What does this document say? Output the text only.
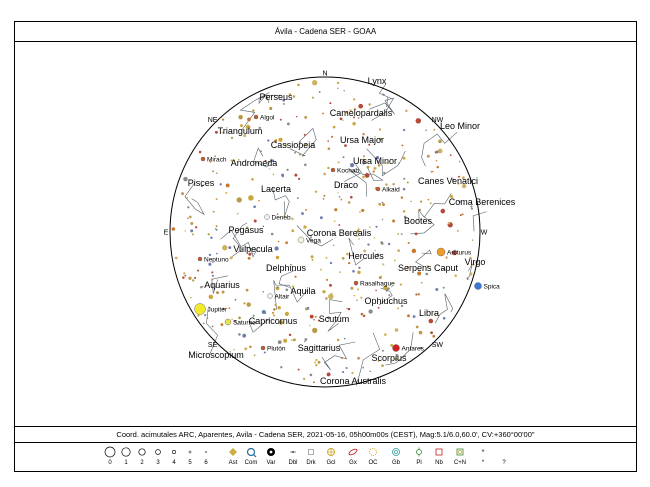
Ávila - Cadena SER - GOAA
N
NE
E
SE	SW
W
NW
Lynx
Perseus
Camelopardalis
Leo Minor
Triangulum
Cassiopeia	Ursa Major
Andromeda	Ursa Minor
Pisces	Draco	Canes Venatici
Lacerta
Coma Berenices
Bootes
Pegasus	Corona Borealis
Vulpecula
Hercules
Virgo
Delphinus	Serpens Caput
Aquarius
Aquila
Ophiuchus
Libra
Capricornus Scutum
Sagittarius
Microscopium	Scorpius
Corona Australis
Algol
Mirach
Kochab
Alkaid
Deneb
Vega
Arcturus
Neptuno
Rasalhague	Spica
Altair
Jupiter
Saturno
Plutón	Antares
Coord. acimutales ARC, Aparentes, Avila - Cadena SER, 2021-05-16, 05h00m00s (CEST), Mag:5.1/6.0,60.0', CV:+360°00'00"
0	1	2	3	4	5	6	Ast	Com	Var	Dbl	Drk	Gcl	Gx	OC	Gb	Pl	Nb	C+N
*
*	?
